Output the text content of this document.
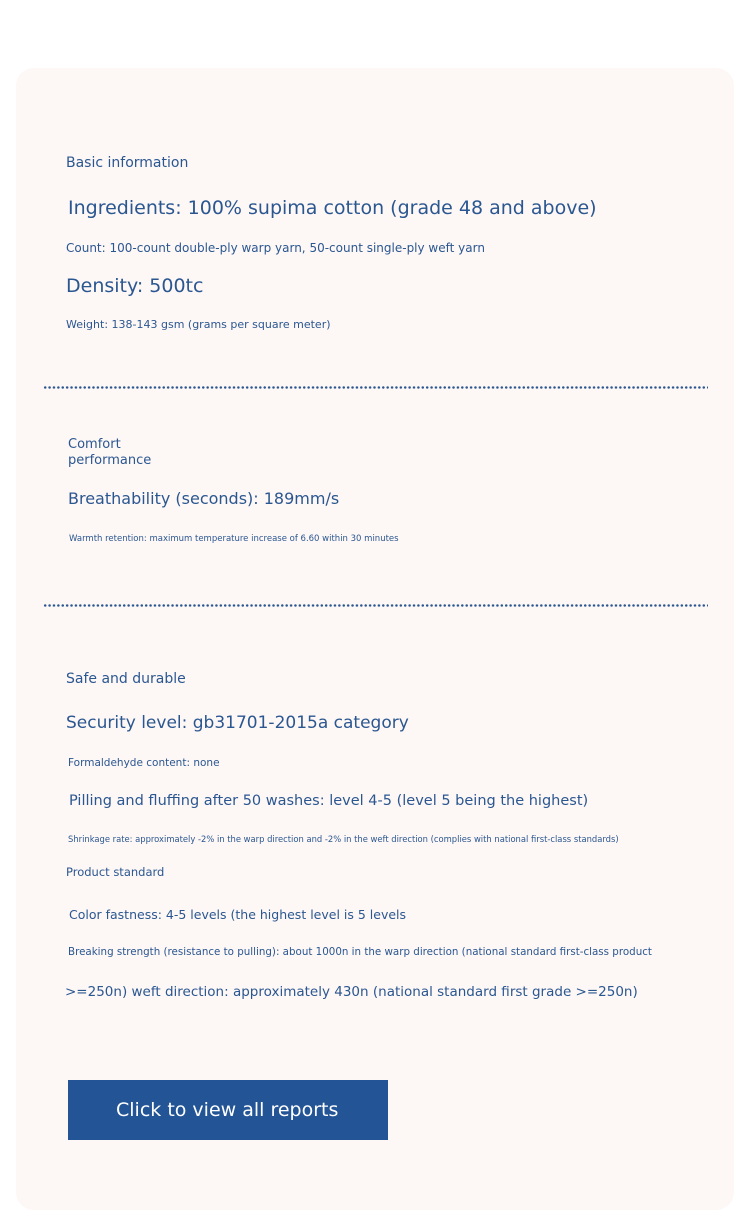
Basic information

Ingredients: 100% supima cotton (grade 48 and above)

Count: 100-count double-ply warp yarn, 50-count single-ply weft yarn

Density: 500tc

Weight: 138-143 gsm (grams per square meter)

Comfort performance

Breathability (seconds): 189mm/s

Warmth retention: maximum temperature increase of 6.60 within 30 minutes

Safe and durable

Security level: gb31701-2015a category

Formaldehyde content: none

Pilling and fluffing after 50 washes: level 4-5 (level 5 being the highest)

Shrinkage rate: approximately -2% in the warp direction and -2% in the weft direction (complies with national first-class standards)

Product standard

Color fastness: 4-5 levels (the highest level is 5 levels

Breaking strength (resistance to pulling): about 1000n in the warp direction (national standard first-class product

>=250n) weft direction: approximately 430n (national standard first grade >=250n)

Click to view all reports
